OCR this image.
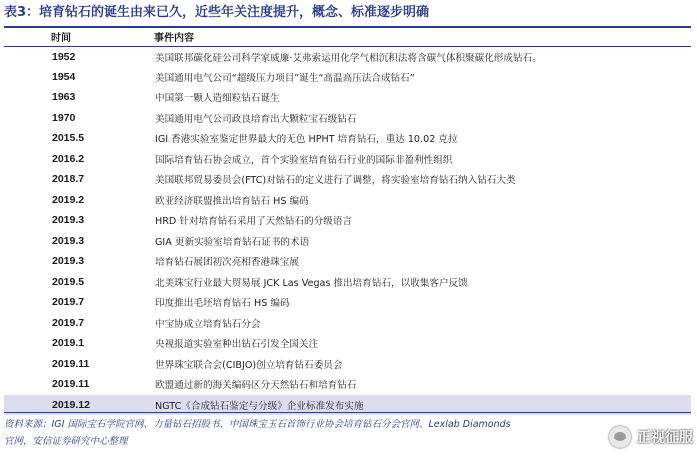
表3：培育钻石的诞生由来已久，近些年关注度提升，概念、标准逐步明确
时间	事件内容
1952	美国联邦碳化硅公司科学家威廉·艾弗索运用化学气相沉积法将含碳气体积聚碳化形成钻石。
1954	美国通用电气公司“超级压力项目”诞生“高温高压法合成钻石”
1963	中国第一颗人造细粒钻石诞生
1970	美国通用电气公司政良培育出大颗粒宝石级钻石
2015.5	IGI 香港实验室鉴定世界最大的无色 HPHT 培育钻石，重达 10.02 克拉
2016.2	国际培育钻石协会成立，首个实验室培育钻石行业的国际非盈利性组织
2018.7	美国联邦贸易委员会(FTC)对钻石的定义进行了调整，将实验室培育钻石纳入钻石大类
2019.2	欧亚经济联盟推出培育钻石 HS 编码
2019.3	HRD 针对培育钻石采用了天然钻石的分级语言
2019.3	GIA 更新实验室培育钻石证书的术语
2019.3	培育钻石展团初次亮相香港珠宝展
2019.5	北美珠宝行业最大贸易展 JCK Las Vegas 推出培育钻石，以收集客户反馈
2019.7	印度推出毛坯培育钻石 HS 编码
2019.7	中宝协成立培育钻石分会
2019.1	央视报道实验室种出钻石引发全国关注
2019.11	世界珠宝联合会(CIBJO)创立培育钻石委员会
2019.11	欧盟通过新的海关编码区分天然钻石和培育钻石
2019.12	NGTC《合成钻石鉴定与分级》企业标准发布实施
资料来源：IGI 国际宝石学院官网、力量钻石招股书、中国珠宝玉石首饰行业协会培育钻石分会官网、Lexlab Diamonds
官网，安信证券研究中心整理	正视征服
